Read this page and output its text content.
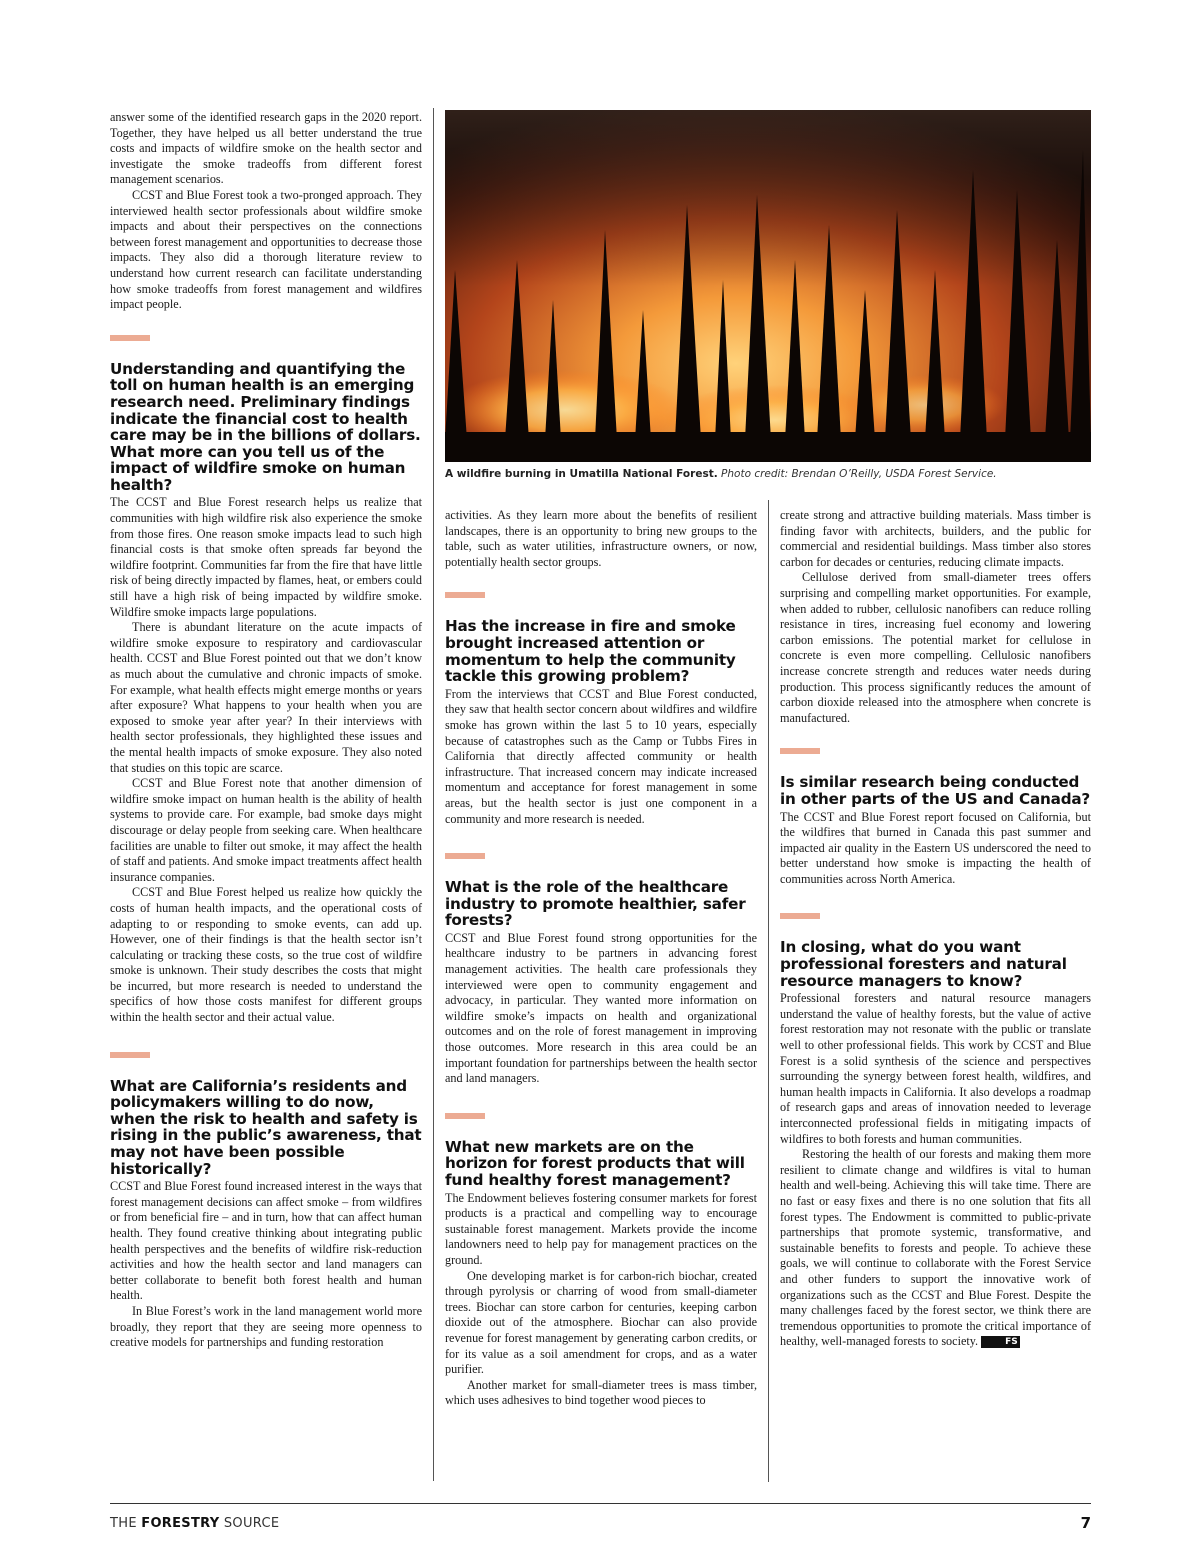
answer some of the identified research gaps in the 2020 report. Together, they have helped us all better understand the true costs and impacts of wildfire smoke on the health sector and investigate the smoke tradeoffs from different forest management scenarios.

CCST and Blue Forest took a two-pronged approach. They interviewed health sector professionals about wildfire smoke impacts and about their perspectives on the connections between forest management and opportunities to decrease those impacts. They also did a thorough literature review to understand how current research can facilitate understanding how smoke tradeoffs from forest management and wildfires impact people.

Understanding and quantifying the toll on human health is an emerging research need. Preliminary findings indicate the financial cost to health care may be in the billions of dollars. What more can you tell us of the impact of wildfire smoke on human health?

The CCST and Blue Forest research helps us realize that communities with high wildfire risk also experience the smoke from those fires. One reason smoke impacts lead to such high financial costs is that smoke often spreads far beyond the wildfire footprint. Communities far from the fire that have little risk of being directly impacted by flames, heat, or embers could still have a high risk of being impacted by wildfire smoke. Wildfire smoke impacts large populations.

There is abundant literature on the acute impacts of wildfire smoke exposure to respiratory and cardiovascular health. CCST and Blue Forest pointed out that we don’t know as much about the cumulative and chronic impacts of smoke. For example, what health effects might emerge months or years after exposure? What happens to your health when you are exposed to smoke year after year? In their interviews with health sector professionals, they highlighted these issues and the mental health impacts of smoke exposure. They also noted that studies on this topic are scarce.

CCST and Blue Forest note that another dimension of wildfire smoke impact on human health is the ability of health systems to provide care. For example, bad smoke days might discourage or delay people from seeking care. When healthcare facilities are unable to filter out smoke, it may affect the health of staff and patients. And smoke impact treatments affect health insurance companies.

CCST and Blue Forest helped us realize how quickly the costs of human health impacts, and the operational costs of adapting to or responding to smoke events, can add up. However, one of their findings is that the health sector isn’t calculating or tracking these costs, so the true cost of wildfire smoke is unknown. Their study describes the costs that might be incurred, but more research is needed to understand the specifics of how those costs manifest for different groups within the health sector and their actual value.

What are California’s residents and policymakers willing to do now, when the risk to health and safety is rising in the public’s awareness, that may not have been possible historically?

CCST and Blue Forest found increased interest in the ways that forest management decisions can affect smoke – from wildfires or from beneficial fire – and in turn, how that can affect human health. They found creative thinking about integrating public health perspectives and the benefits of wildfire risk-reduction activities and how the health sector and land managers can better collaborate to benefit both forest health and human health.

In Blue Forest’s work in the land management world more broadly, they report that they are seeing more openness to creative models for partnerships and funding restoration

A wildfire burning in Umatilla National Forest. Photo credit: Brendan O’Reilly, USDA Forest Service.

activities. As they learn more about the benefits of resilient landscapes, there is an opportunity to bring new groups to the table, such as water utilities, infrastructure owners, or now, potentially health sector groups.

Has the increase in fire and smoke brought increased attention or momentum to help the community tackle this growing problem?

From the interviews that CCST and Blue Forest conducted, they saw that health sector concern about wildfires and wildfire smoke has grown within the last 5 to 10 years, especially because of catastrophes such as the Camp or Tubbs Fires in California that directly affected community or health infrastructure. That increased concern may indicate increased momentum and acceptance for forest management in some areas, but the health sector is just one component in a community and more research is needed.

What is the role of the healthcare industry to promote healthier, safer forests?

CCST and Blue Forest found strong opportunities for the healthcare industry to be partners in advancing forest management activities. The health care professionals they interviewed were open to community engagement and advocacy, in particular. They wanted more information on wildfire smoke’s impacts on health and organizational outcomes and on the role of forest management in improving those outcomes. More research in this area could be an important foundation for partnerships between the health sector and land managers.

What new markets are on the horizon for forest products that will fund healthy forest management?

The Endowment believes fostering consumer markets for forest products is a practical and compelling way to encourage sustainable forest management. Markets provide the income landowners need to help pay for management practices on the ground.

One developing market is for carbon-rich biochar, created through pyrolysis or charring of wood from small-diameter trees. Biochar can store carbon for centuries, keeping carbon dioxide out of the atmosphere. Biochar can also provide revenue for forest management by generating carbon credits, or for its value as a soil amendment for crops, and as a water purifier.

Another market for small-diameter trees is mass timber, which uses adhesives to bind together wood pieces to

create strong and attractive building materials. Mass timber is finding favor with architects, builders, and the public for commercial and residential buildings. Mass timber also stores carbon for decades or centuries, reducing climate impacts.

Cellulose derived from small-diameter trees offers surprising and compelling market opportunities. For example, when added to rubber, cellulosic nanofibers can reduce rolling resistance in tires, increasing fuel economy and lowering carbon emissions. The potential market for cellulose in concrete is even more compelling. Cellulosic nanofibers increase concrete strength and reduces water needs during production. This process significantly reduces the amount of carbon dioxide released into the atmosphere when concrete is manufactured.

Is similar research being conducted in other parts of the US and Canada?

The CCST and Blue Forest report focused on California, but the wildfires that burned in Canada this past summer and impacted air quality in the Eastern US underscored the need to better understand how smoke is impacting the health of communities across North America.

In closing, what do you want professional foresters and natural resource managers to know?

Professional foresters and natural resource managers understand the value of healthy forests, but the value of active forest restoration may not resonate with the public or translate well to other professional fields. This work by CCST and Blue Forest is a solid synthesis of the science and perspectives surrounding the synergy between forest health, wildfires, and human health impacts in California. It also develops a roadmap of research gaps and areas of innovation needed to leverage interconnected professional fields in mitigating impacts of wildfires to both forests and human communities.

Restoring the health of our forests and making them more resilient to climate change and wildfires is vital to human health and well-being. Achieving this will take time. There are no fast or easy fixes and there is no one solution that fits all forest types. The Endowment is committed to public-private partnerships that promote systemic, transformative, and sustainable benefits to forests and people. To achieve these goals, we will continue to collaborate with the Forest Service and other funders to support the innovative work of organizations such as the CCST and Blue Forest. Despite the many challenges faced by the forest sector, we think there are tremendous opportunities to promote the critical importance of healthy, well-managed forests to society.	FS

THE FORESTRY SOURCE	7
